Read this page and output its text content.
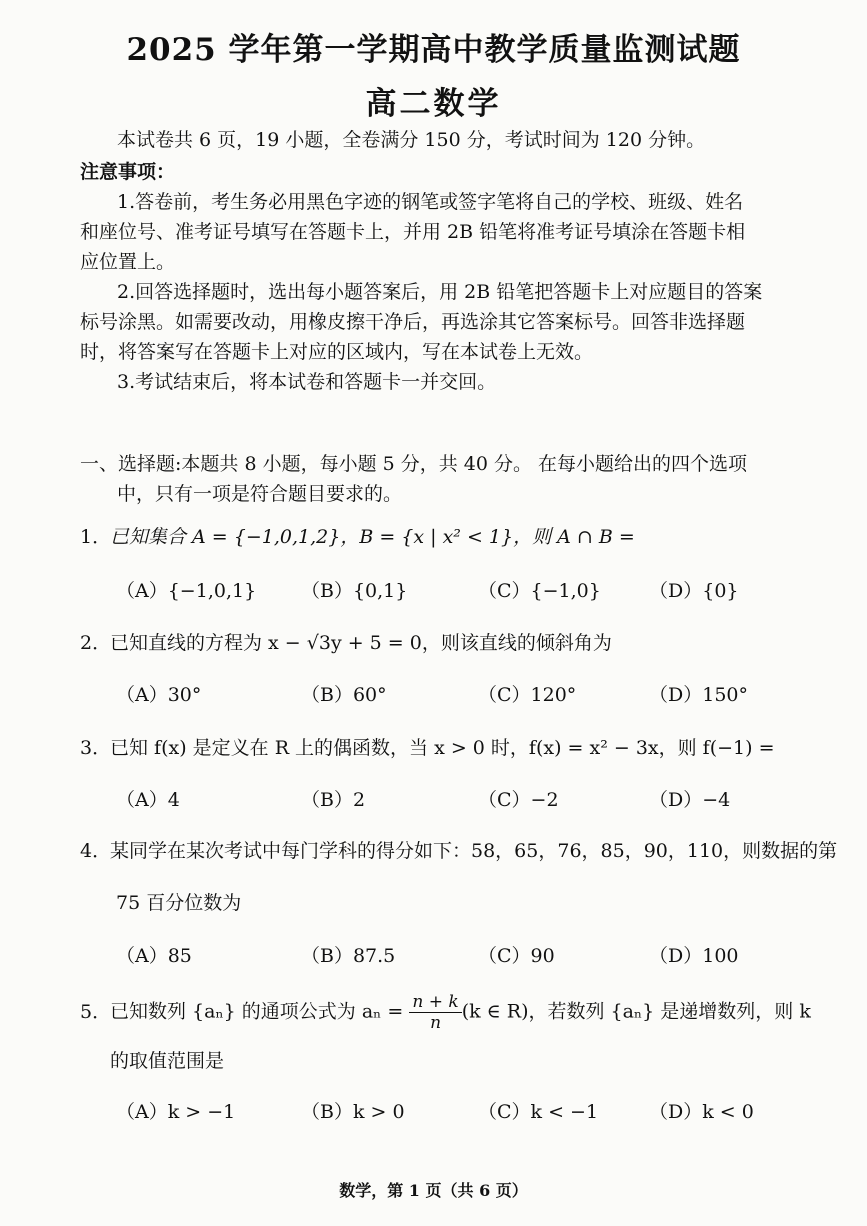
2025 学年第一学期高中教学质量监测试题
高二数学
本试卷共 6 页，19 小题，全卷满分 150 分，考试时间为 120 分钟。
注意事项：
1.答卷前，考生务必用黑色字迹的钢笔或签字笔将自己的学校、班级、姓名
和座位号、准考证号填写在答题卡上，并用 2B 铅笔将准考证号填涂在答题卡相
应位置上。
2.回答选择题时，选出每小题答案后，用 2B 铅笔把答题卡上对应题目的答案
标号涂黑。如需要改动，用橡皮擦干净后，再选涂其它答案标号。回答非选择题
时，将答案写在答题卡上对应的区域内，写在本试卷上无效。
3.考试结束后，将本试卷和答题卡一并交回。
一、选择题:本题共 8 小题，每小题 5 分，共 40 分。 在每小题给出的四个选项
中，只有一项是符合题目要求的。
1．已知集合 A = {−1,0,1,2}，B = {x | x² < 1}，则 A ∩ B =
（A）{−1,0,1} （B）{0,1}	（C）{−1,0}	（D）{0}
2．已知直线的方程为 x − √3y + 5 = 0，则该直线的倾斜角为
（A）30°	（B）60°	（C）120°	（D）150°
3．已知 f(x) 是定义在 R 上的偶函数，当 x > 0 时，f(x) = x² − 3x，则 f(−1) =
（A）4	（B）2	（C）−2	（D）−4
4．某同学在某次考试中每门学科的得分如下：58，65，76，85，90，110，则数据的第
75 百分位数为
（A）85	（B）87.5	（C）90	（D）100
5．已知数列 {aₙ} 的通项公式为 $a_n = \frac{n + k}{n} (k$ ∈ R)，若数列 {aₙ} 是递增数列，则 k
的取值范围是
（A）k > −1	（B）k > 0	（C）k < −1	（D）k < 0
数学，第 1 页（共 6 页）
